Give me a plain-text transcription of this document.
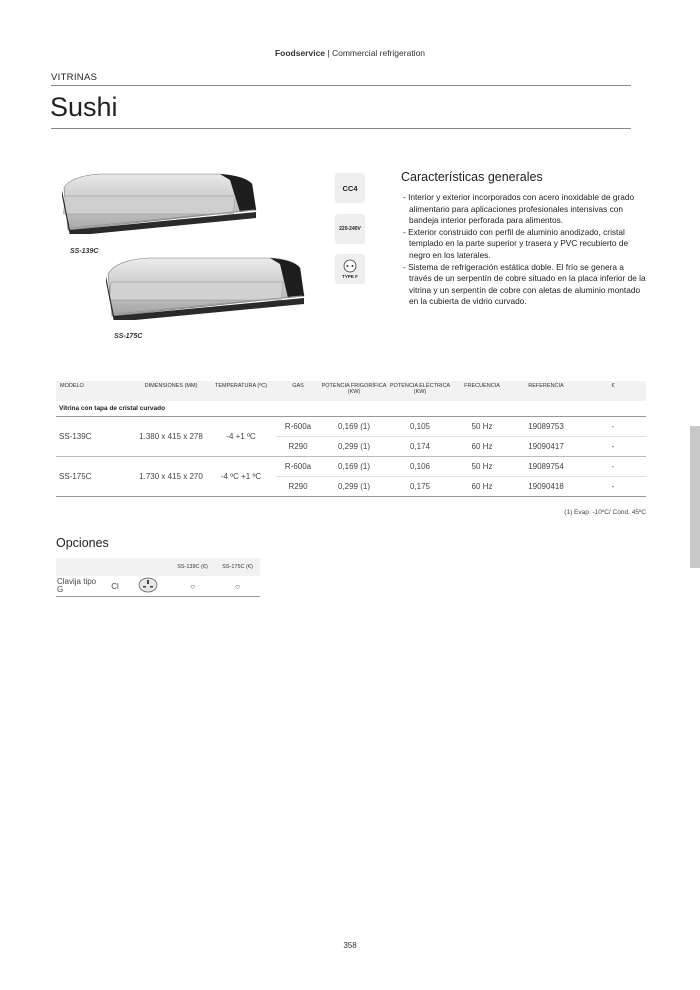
Foodservice | Commercial refrigeration
VITRINAS
Sushi
SS-139C
SS-175C
CC4
220-240V
TYPE F
Características generales
- Interior y exterior incorporados con acero inoxidable de grado alimentario para aplicaciones profesionales intensivas con bandeja interior perforada para alimentos.
- Exterior construido con perfil de aluminio anodizado, cristal templado en la parte superior y trasera y PVC recubierto de negro en los laterales.
- Sistema de refrigeración estática doble. El frío se genera a través de un serpentín de cobre situado en la placa inferior de la vitrina y un serpentín de cobre con aletas de aluminio montado en la cubierta de vidrio curvado.
MODELO	DIMENSIONES (MM)	TEMPERATURA (ºC)	GAS	POTENCIA FRIGORÍFICA (KW)	POTENCIA ELÉCTRICA (KW)	FRECUENCIA	REFERENCIA	€
Vitrina con tapa de cristal curvado								
SS-139C	1.380 x 415 x 278	-4 +1 ºC	R-600a	0,169 (1)	0,105	50 Hz	19089753	-
			R290	0,299 (1)	0,174	60 Hz	19090417	-
SS-175C	1.730 x 415 x 270	-4 ºC +1 ºC	R-600a	0,169 (1)	0,106	50 Hz	19089754	-
			R290	0,299 (1)	0,175	60 Hz	19090418	-
(1) Evap. -10ºC/ Cond. 45ºC
Opciones
			SS-139C (€)	SS-175C (€)
Clavija tipo G	Cl		○	○
358
